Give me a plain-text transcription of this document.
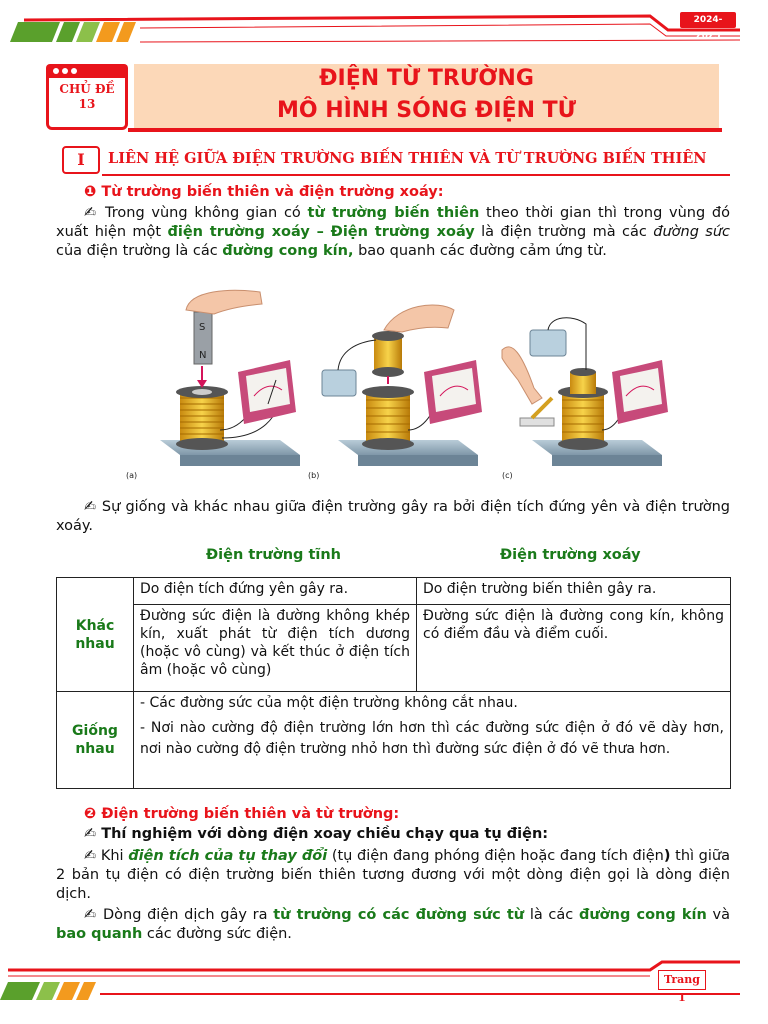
2024- 2025
CHỦ ĐỀ
13
ĐIỆN TỪ TRƯỜNG
MÔ HÌNH SÓNG ĐIỆN TỪ
I	LIÊN HỆ GIỮA ĐIỆN TRƯỜNG BIẾN THIÊN VÀ TỪ TRƯỜNG BIẾN THIÊN
❶ Từ trường biến thiên và điện trường xoáy:
✍ Trong vùng không gian có từ trường biến thiên theo thời gian thì trong vùng đó xuất hiện một điện trường xoáy – Điện trường xoáy là điện trường mà các đường sức của điện trường là các đường cong kín, bao quanh các đường cảm ứng từ.
S
N
(a)	(b)	(c)
✍ Sự giống và khác nhau giữa điện trường gây ra bởi điện tích đứng yên và điện trường xoáy.
Điện trường tĩnh	Điện trường xoáy
Khác nhau	Do điện tích đứng yên gây ra.	Do điện trường biến thiên gây ra.
	Đường sức điện là đường không khép kín, xuất phát từ điện tích dương (hoặc vô cùng) và kết thúc ở điện tích âm (hoặc vô cùng)	Đường sức điện là đường cong kín, không có điểm đầu và điểm cuối.
Giống nhau	- Các đường sức của một điện trường không cắt nhau.
- Nơi nào cường độ điện trường lớn hơn thì các đường sức điện ở đó vẽ dày hơn, nơi nào cường độ điện trường nhỏ hơn thì đường sức điện ở đó vẽ thưa hơn.	
❷ Điện trường biến thiên và từ trường:
✍ Thí nghiệm với dòng điện xoay chiều chạy qua tụ điện:
✍ Khi điện tích của tụ thay đổi (tụ điện đang phóng điện hoặc đang tích điện) thì giữa 2 bản tụ điện có điện trường biến thiên tương đương với một dòng điện gọi là dòng điện dịch.
✍ Dòng điện dịch gây ra từ trường có các đường sức từ là các đường cong kín và bao quanh các đường sức điện.
Trang 1
